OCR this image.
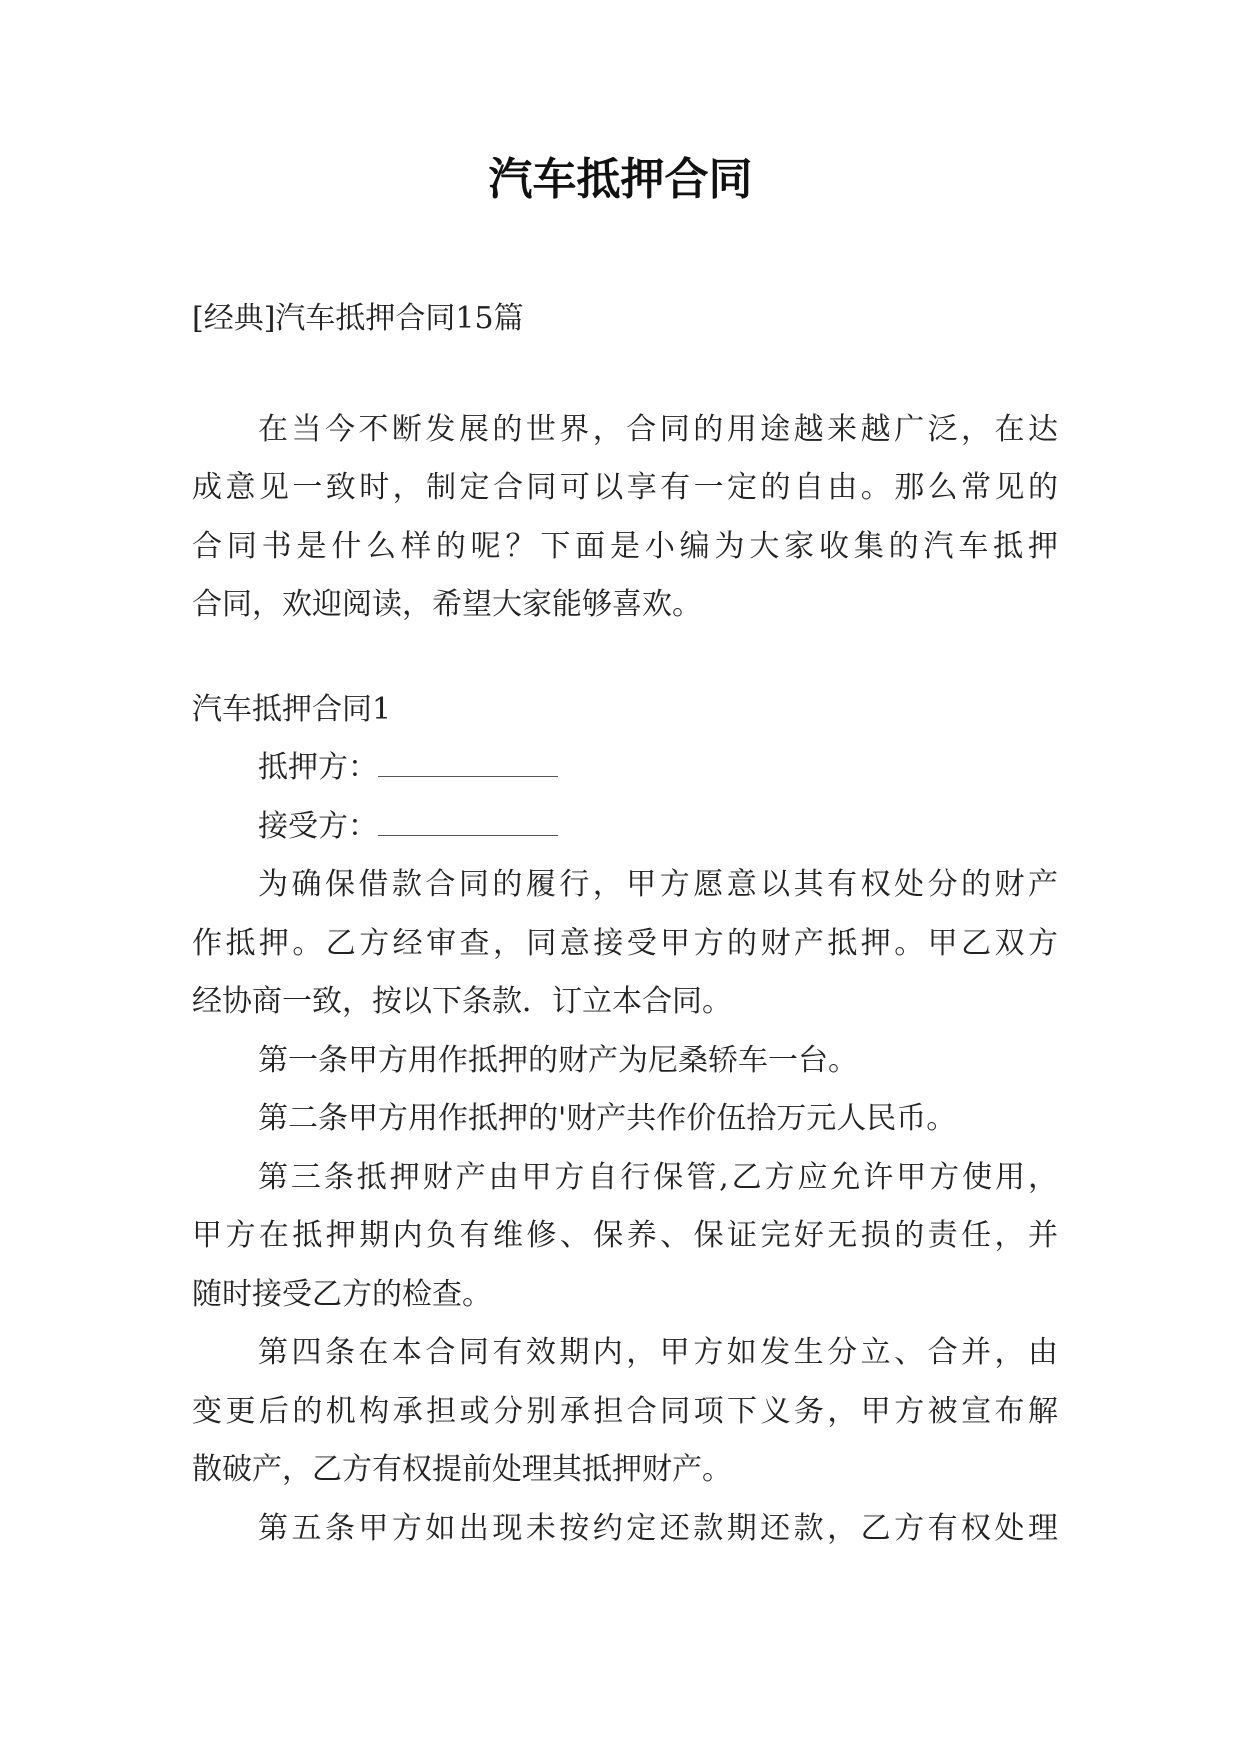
汽车抵押合同
[经典]汽车抵押合同15篇
在当今不断发展的世界，合同的用途越来越广泛，在达
成意见一致时，制定合同可以享有一定的自由。那么常见的
合同书是什么样的呢？下面是小编为大家收集的汽车抵押
合同，欢迎阅读，希望大家能够喜欢。
汽车抵押合同1
抵押方：
接受方：
为确保借款合同的履行，甲方愿意以其有权处分的财产
作抵押。乙方经审查，同意接受甲方的财产抵押。甲乙双方
经协商一致，按以下条款．订立本合同。
第一条甲方用作抵押的财产为尼桑轿车一台。
第二条甲方用作抵押的'财产共作价伍拾万元人民币。
第三条抵押财产由甲方自行保管,乙方应允许甲方使用，
甲方在抵押期内负有维修、保养、保证完好无损的责任，并
随时接受乙方的检查。
第四条在本合同有效期内，甲方如发生分立、合并，由
变更后的机构承担或分别承担合同项下义务，甲方被宣布解
散破产，乙方有权提前处理其抵押财产。
第五条甲方如出现未按约定还款期还款，乙方有权处理
